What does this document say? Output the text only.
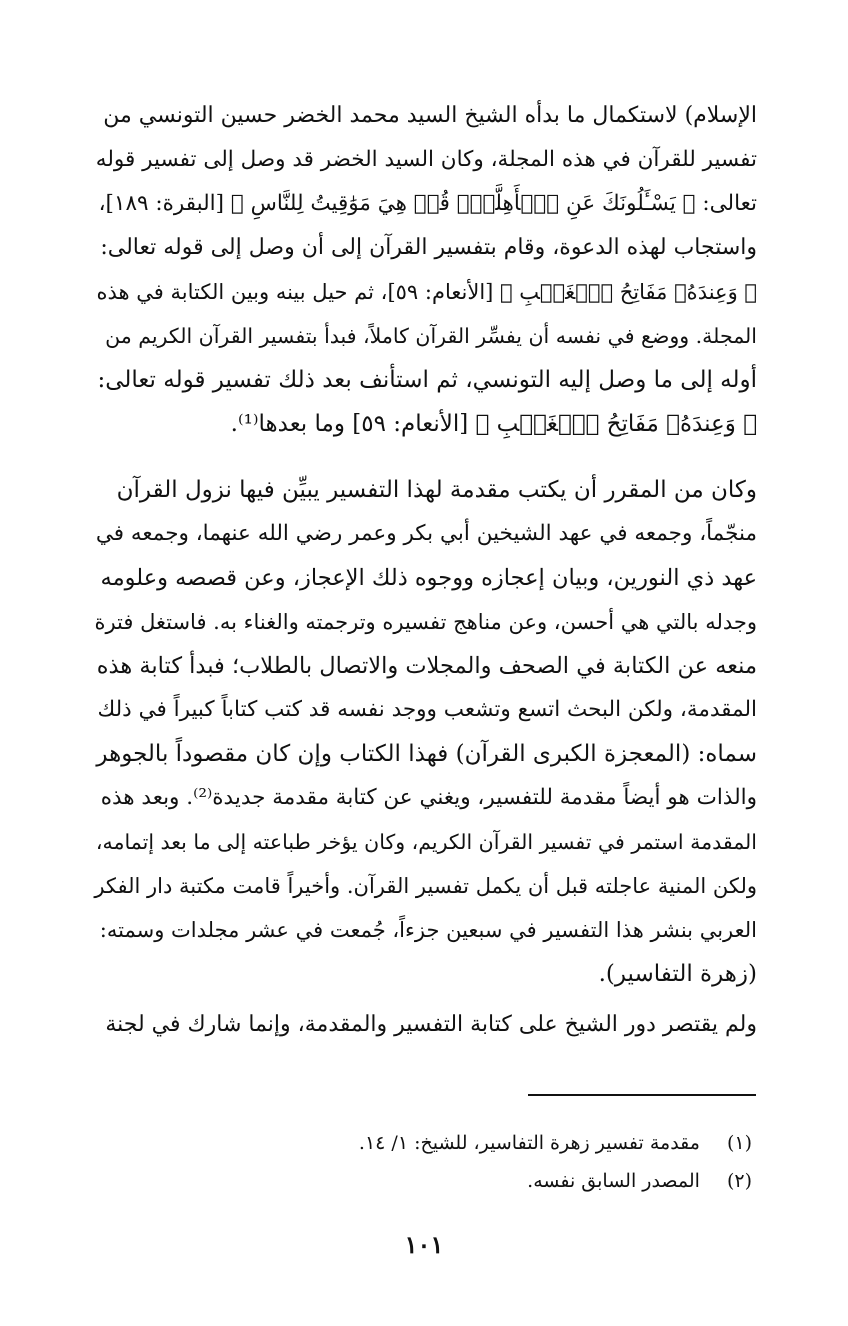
الإسلام) لاستكمال ما بدأه الشيخ السيد محمد الخضر حسين التونسي من
تفسير للقرآن في هذه المجلة، وكان السيد الخضر قد وصل إلى تفسير قوله
تعالى: ﴿ يَسْـَٔلُونَكَ عَنِ ٱلۡأَهِلَّةِۖ قُلۡ هِيَ مَوَٰقِيتُ لِلنَّاسِ ﴾ [البقرة: ١٨٩]،
واستجاب لهذه الدعوة، وقام بتفسير القرآن إلى أن وصل إلى قوله تعالى:
﴿ وَعِندَهُۥ مَفَاتِحُ ٱلۡغَيۡبِ ﴾ [الأنعام: ٥٩]، ثم حيل بينه وبين الكتابة في هذه
المجلة. ووضع في نفسه أن يفسِّر القرآن كاملاً، فبدأ بتفسير القرآن الكريم من
أوله إلى ما وصل إليه التونسي، ثم استأنف بعد ذلك تفسير قوله تعالى:
﴿ وَعِندَهُۥ مَفَاتِحُ ٱلۡغَيۡبِ ﴾ [الأنعام: ٥٩] وما بعدها⁽¹⁾.
وكان من المقرر أن يكتب مقدمة لهذا التفسير يبيِّن فيها نزول القرآن
منجّماً، وجمعه في عهد الشيخين أبي بكر وعمر رضي الله عنهما، وجمعه في
عهد ذي النورين، وبيان إعجازه ووجوه ذلك الإعجاز، وعن قصصه وعلومه
وجدله بالتي هي أحسن، وعن مناهج تفسيره وترجمته والغناء به. فاستغل فترة
منعه عن الكتابة في الصحف والمجلات والاتصال بالطلاب؛ فبدأ كتابة هذه
المقدمة، ولكن البحث اتسع وتشعب ووجد نفسه قد كتب كتاباً كبيراً في ذلك
سماه: (المعجزة الكبرى القرآن) فهذا الكتاب وإن كان مقصوداً بالجوهر
والذات هو أيضاً مقدمة للتفسير، ويغني عن كتابة مقدمة جديدة⁽²⁾. وبعد هذه
المقدمة استمر في تفسير القرآن الكريم، وكان يؤخر طباعته إلى ما بعد إتمامه،
ولكن المنية عاجلته قبل أن يكمل تفسير القرآن. وأخيراً قامت مكتبة دار الفكر
العربي بنشر هذا التفسير في سبعين جزءاً، جُمعت في عشر مجلدات وسمته:
(زهرة التفاسير).
ولم يقتصر دور الشيخ على كتابة التفسير والمقدمة، وإنما شارك في لجنة
(١) مقدمة تفسير زهرة التفاسير، للشيخ: ١/ ١٤.
(٢) المصدر السابق نفسه.
١٠١
